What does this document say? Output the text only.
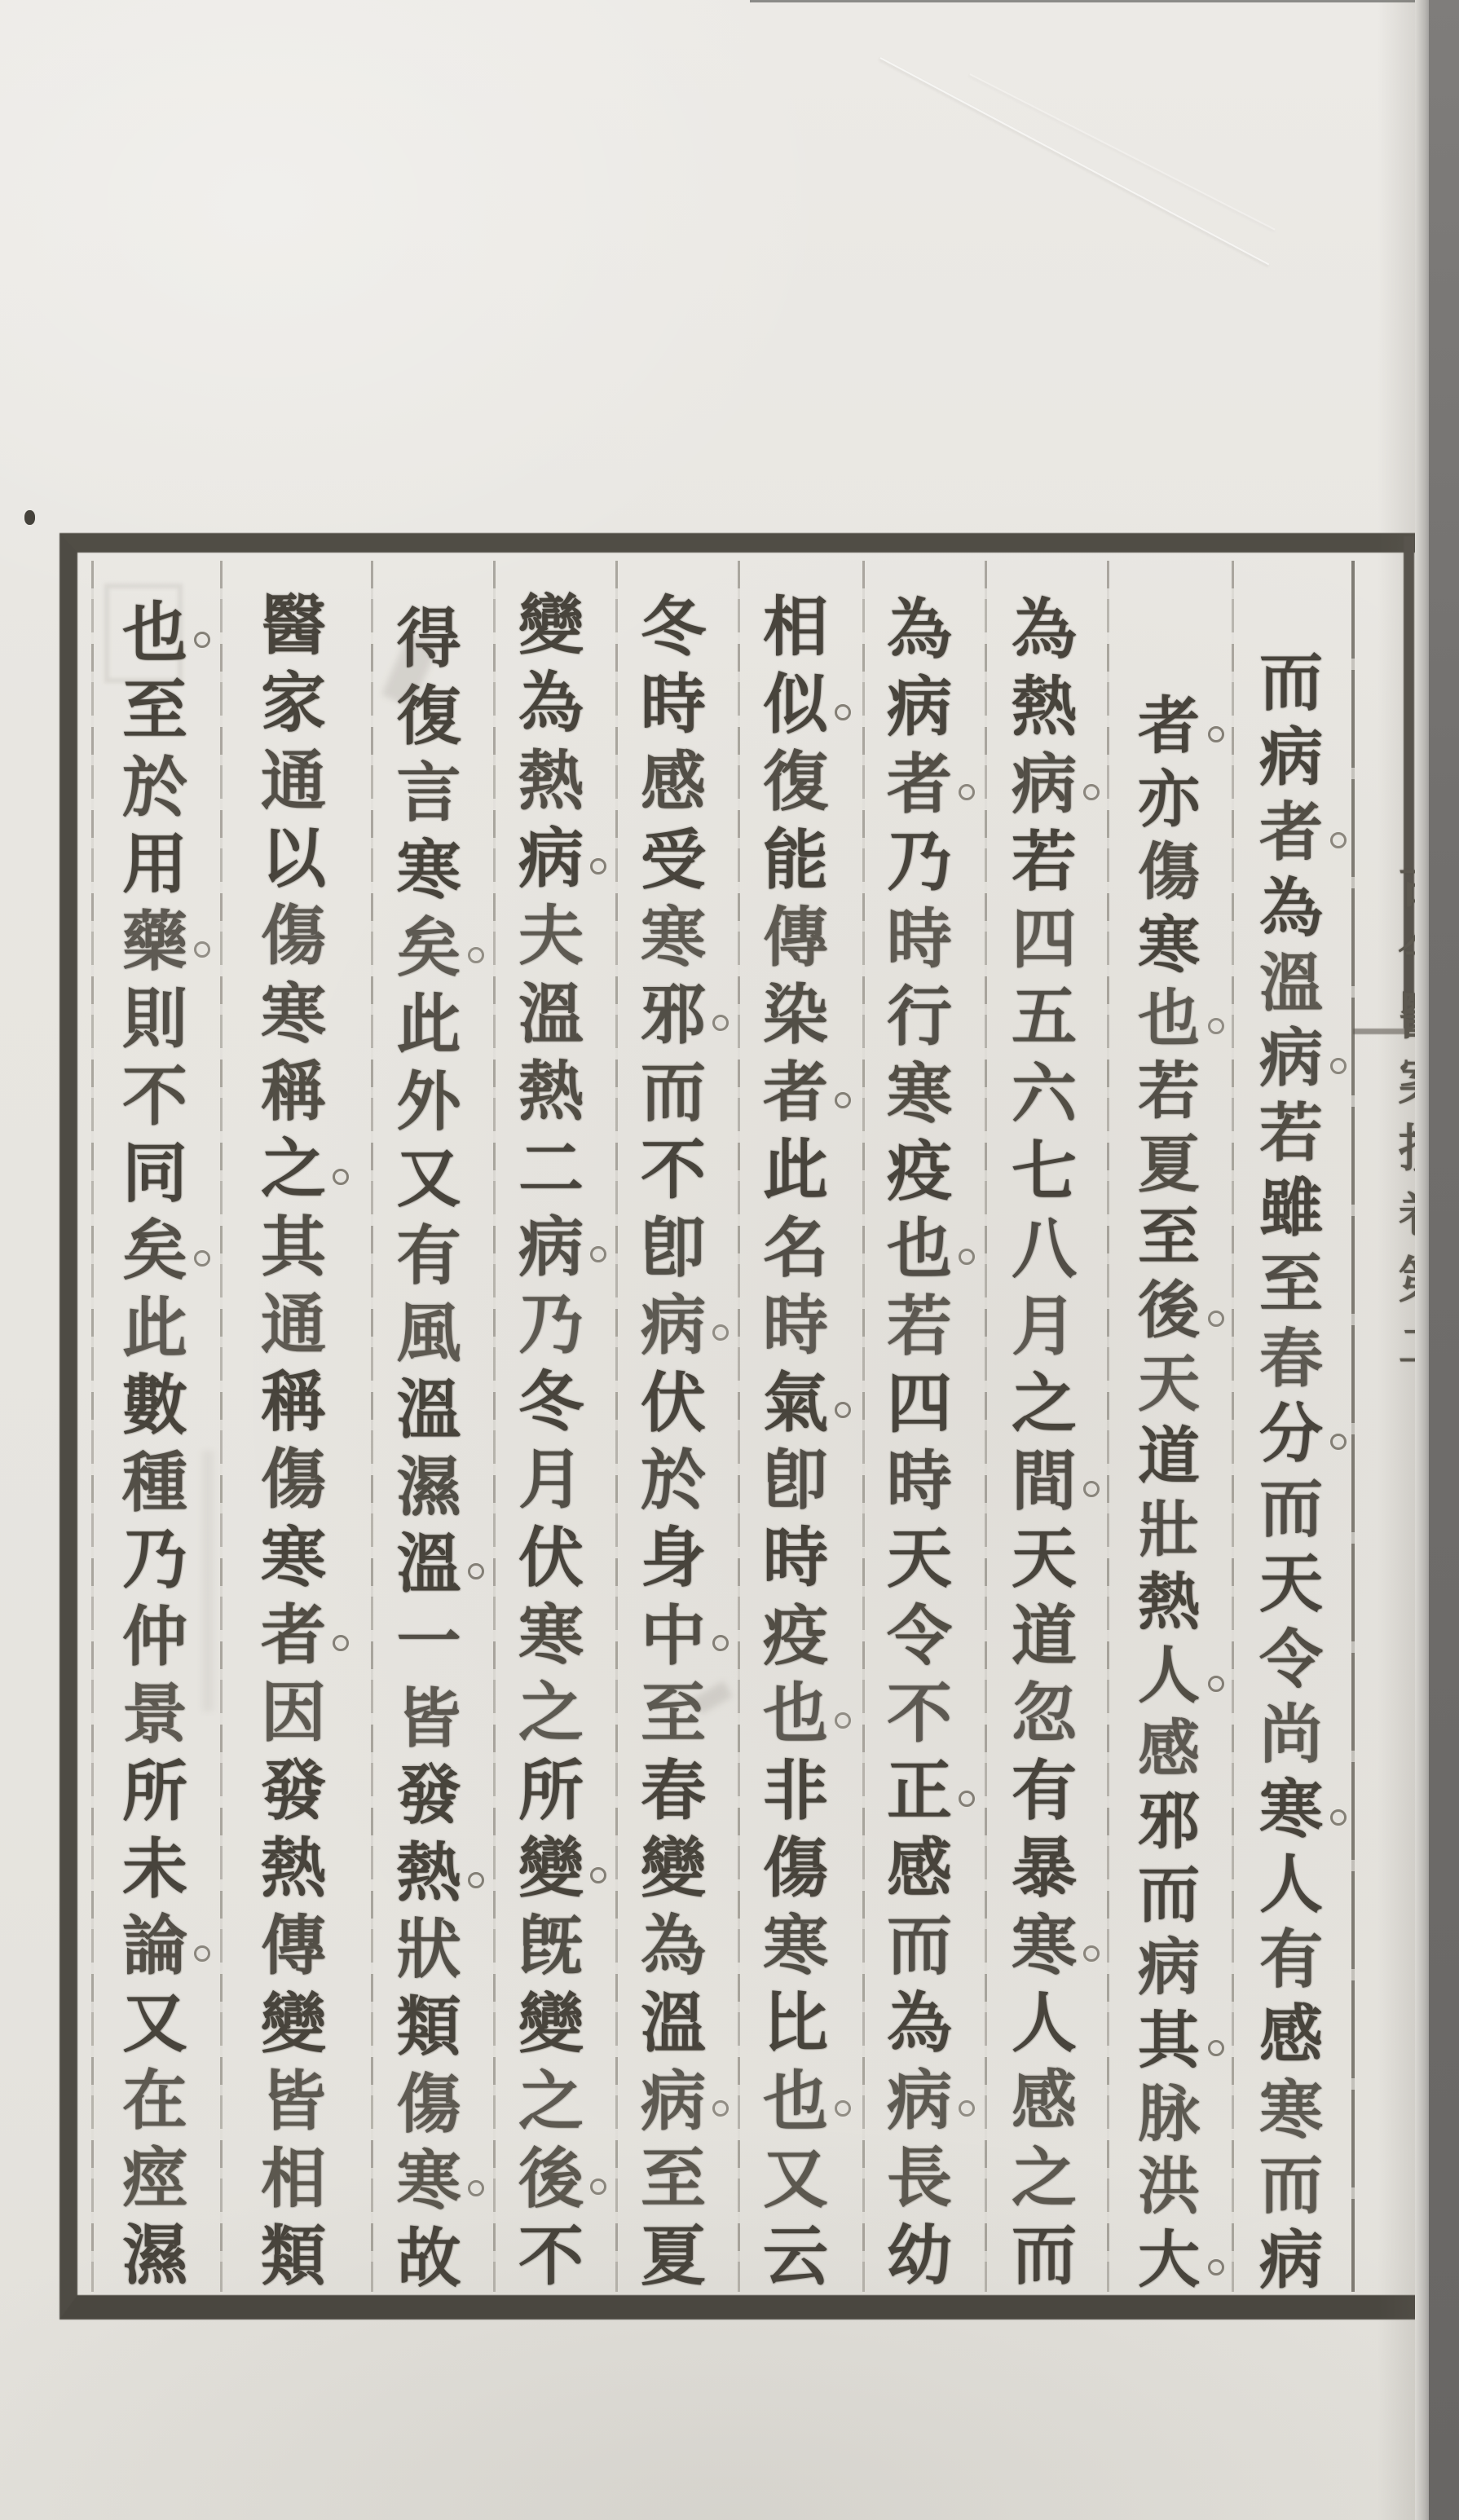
而
病
者
為
溫
病
若
雖
至
春
分
而
天
令
尚
寒
人
有
感
寒
而
病
者
亦
傷
寒
也
若
夏
至
後
天
道
壯
熱
人
感
邪
而
病
其
脉
洪
大
為
熱
病
若
四
五
六
七
八
月
之
間
天
道
忽
有
暴
寒
人
感
之
而
為
病
者
乃
時
行
寒
疫
也
若
四
時
天
令
不
正
感
而
為
病
長
幼
相
似
復
能
傳
染
者
此
名
時
氣
卽
時
疫
也
非
傷
寒
比
也
又
云
冬
時
感
受
寒
邪
而
不
卽
病
伏
於
身
中
至
春
變
為
溫
病
至
夏
變
為
熱
病
夫
溫
熱
二
病
乃
冬
月
伏
寒
之
所
變
旣
變
之
後
不
得
復
言
寒
矣
此
外
又
有
風
溫
濕
溫
一
皆
發
熱
狀
類
傷
寒
故
醫
家
通
以
傷
寒
稱
之
其
通
稱
傷
寒
者
因
發
熱
傳
變
皆
相
類
也
至
於
用
藥
則
不
同
矣
此
數
種
乃
仲
景
所
未
論
又
在
痙
濕
